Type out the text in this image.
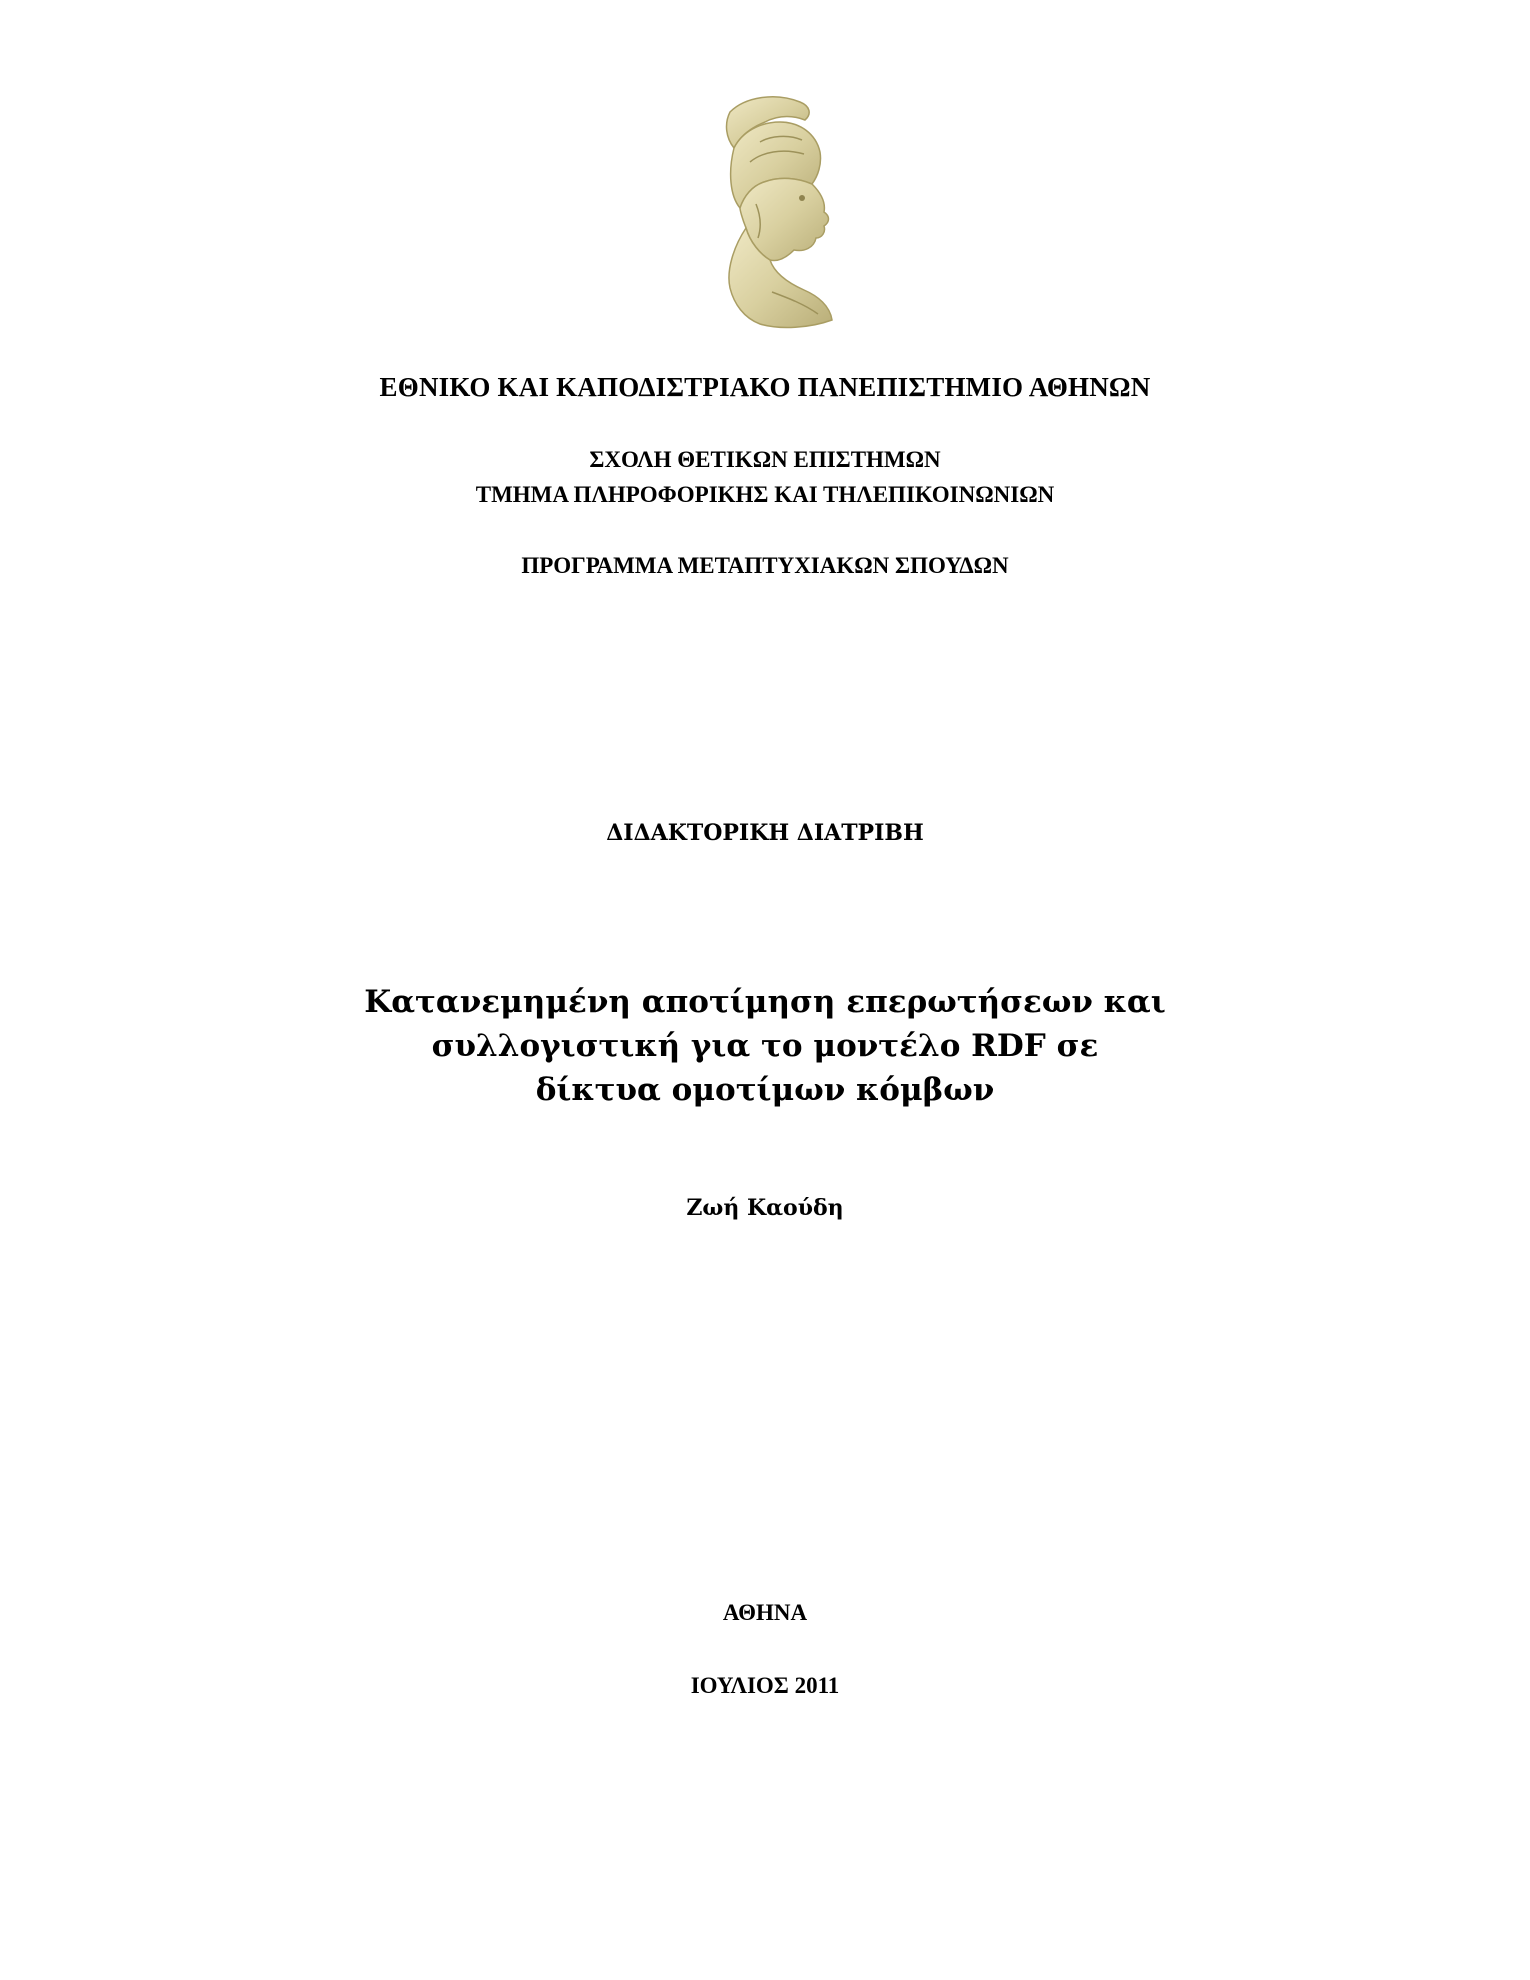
ΕΘΝΙΚΟ ΚΑΙ ΚΑΠΟΔΙΣΤΡΙΑΚΟ ΠΑΝΕΠΙΣΤΗΜΙΟ ΑΘΗΝΩΝ
ΣΧΟΛΗ ΘΕΤΙΚΩΝ ΕΠΙΣΤΗΜΩΝ
ΤΜΗΜΑ ΠΛΗΡΟΦΟΡΙΚΗΣ ΚΑΙ ΤΗΛΕΠΙΚΟΙΝΩΝΙΩΝ
ΠΡΟΓΡΑΜΜΑ ΜΕΤΑΠΤΥΧΙΑΚΩΝ ΣΠΟΥΔΩΝ
ΔΙΔΑΚΤΟΡΙΚΗ ΔΙΑΤΡΙΒΗ
Κατανεμημένη αποτίμηση επερωτήσεων και
συλλογιστική για το μοντέλο RDF σε
δίκτυα ομοτίμων κόμβων
Ζωή Καούδη
ΑΘΗΝΑ
ΙΟΥΛΙΟΣ 2011
